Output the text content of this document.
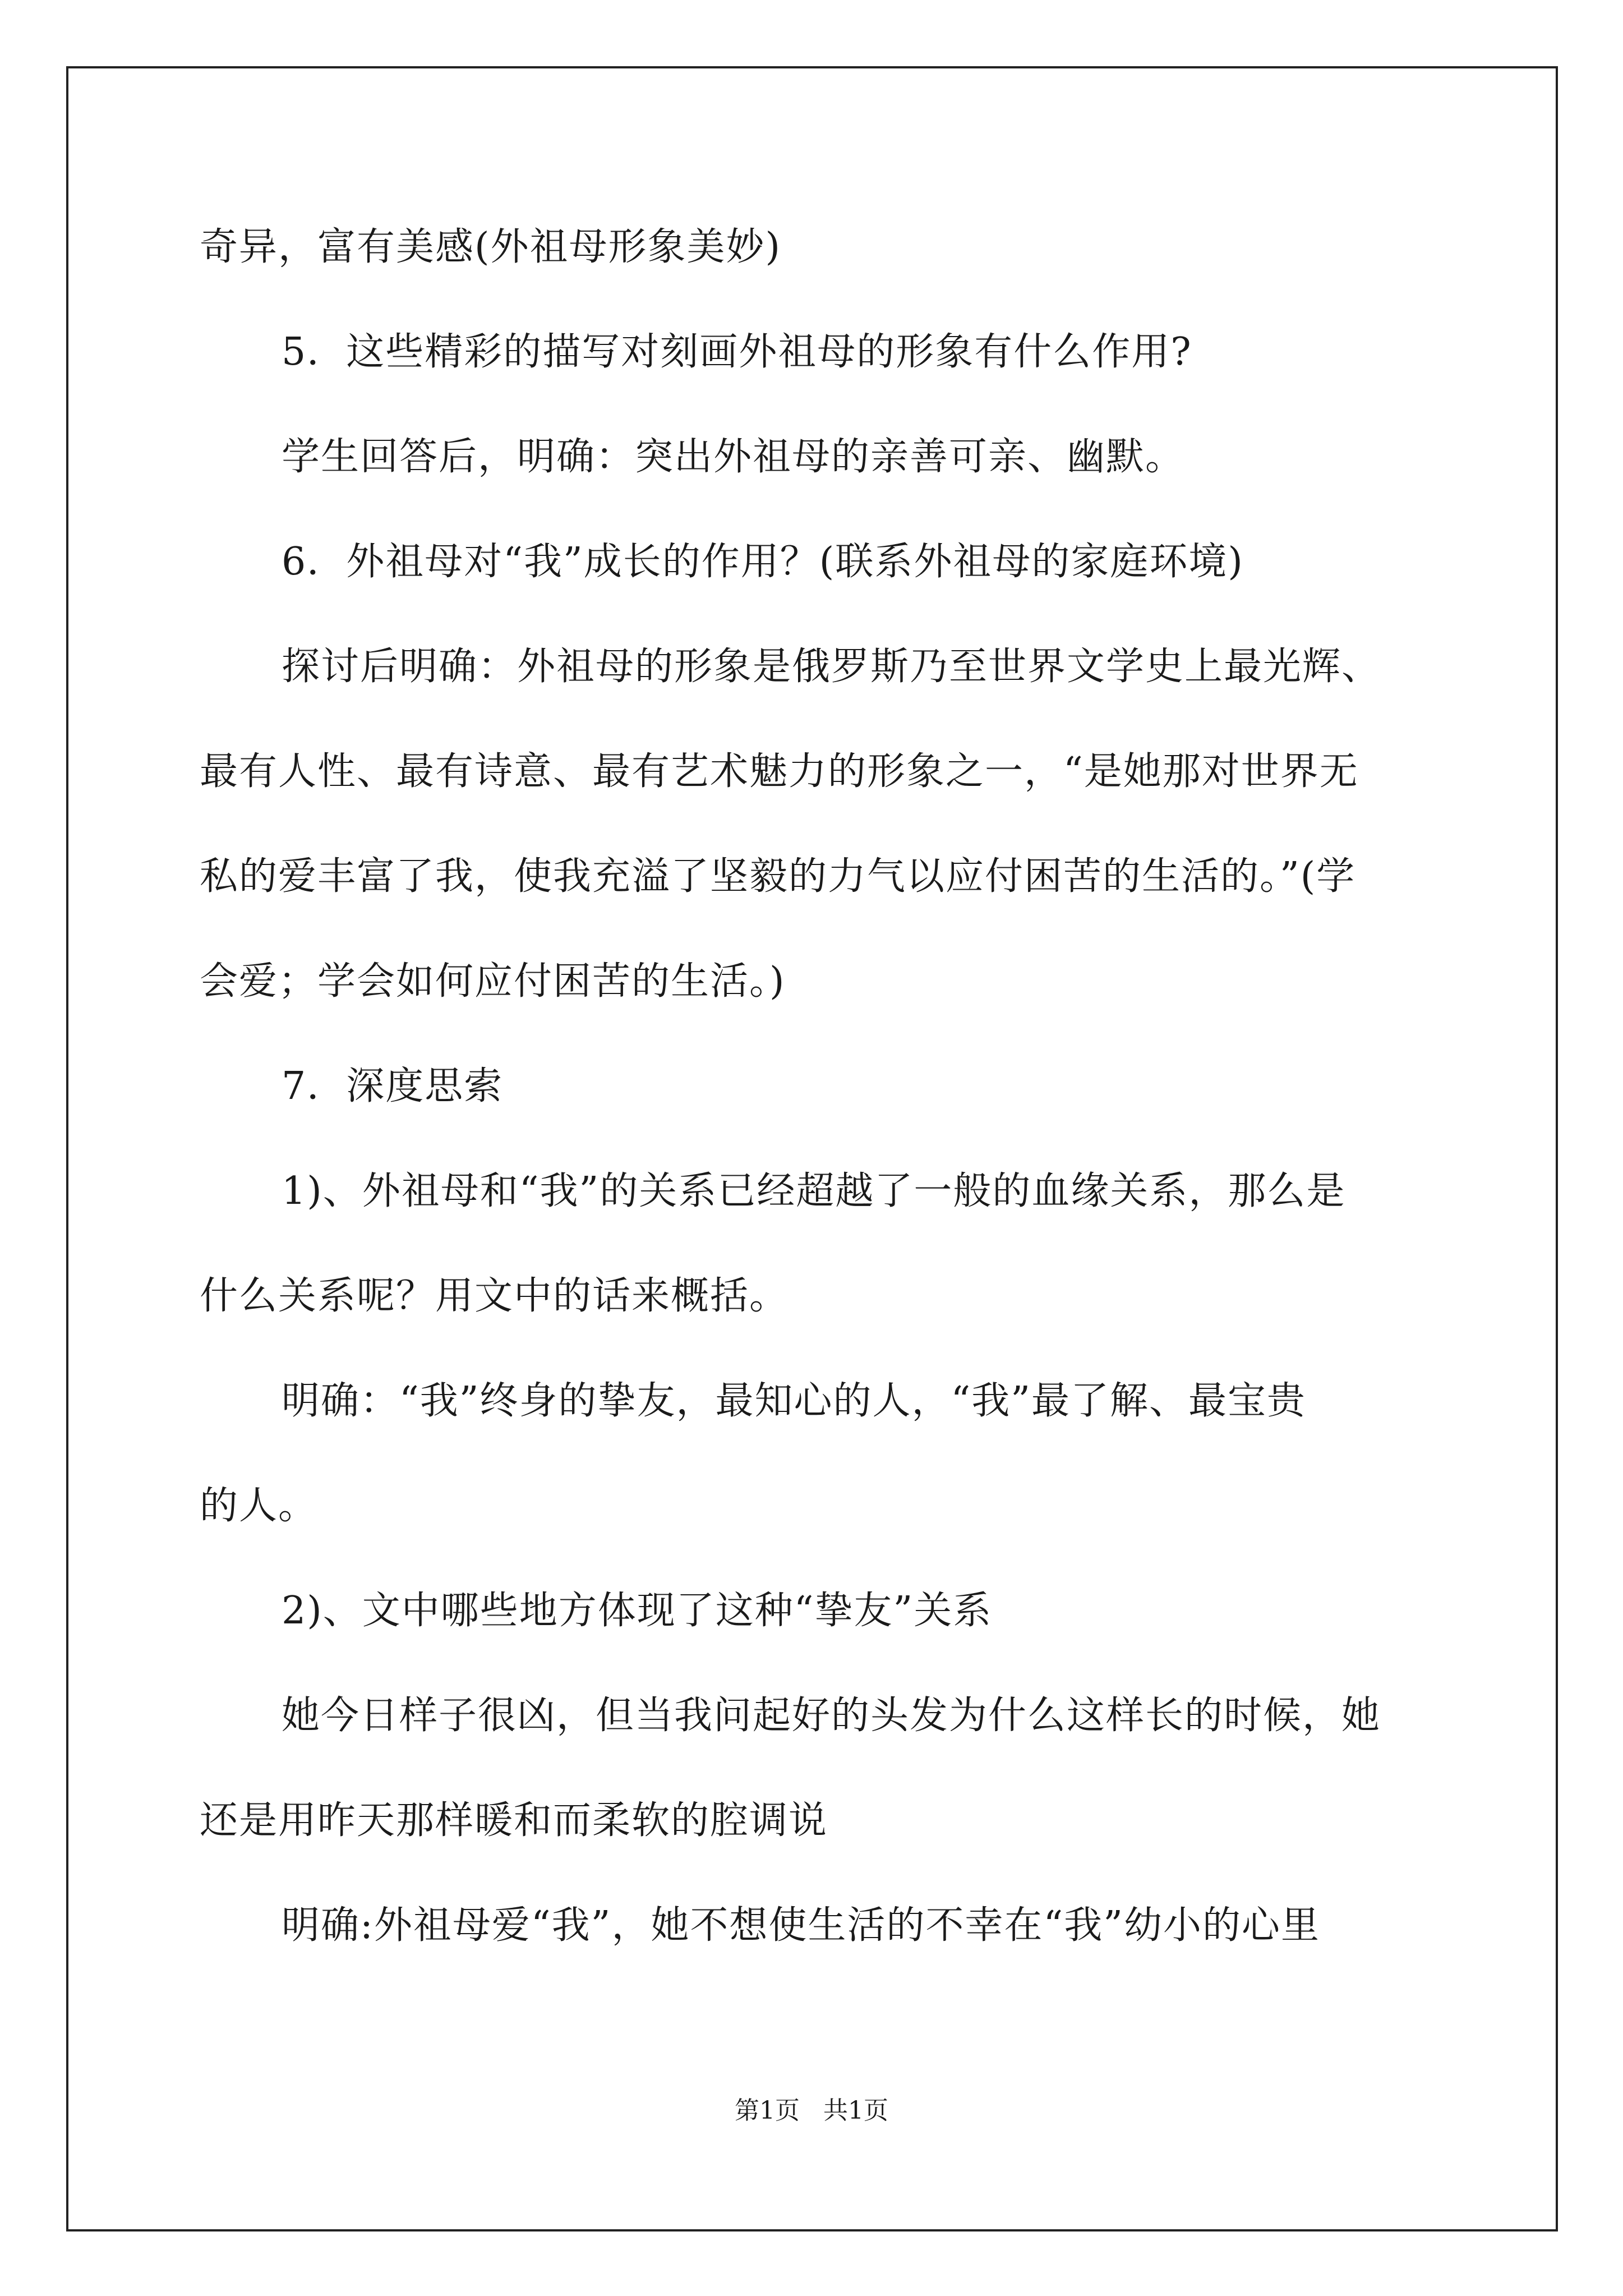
奇异，富有美感(外祖母形象美妙)
5．这些精彩的描写对刻画外祖母的形象有什么作用?
学生回答后，明确：突出外祖母的亲善可亲、幽默。
6．外祖母对“我”成长的作用？(联系外祖母的家庭环境)
探讨后明确：外祖母的形象是俄罗斯乃至世界文学史上最光辉、
最有人性、最有诗意、最有艺术魅力的形象之一，“是她那对世界无
私的爱丰富了我，使我充溢了坚毅的力气以应付困苦的生活的。”(学
会爱；学会如何应付困苦的生活。)
7．深度思索
1)、外祖母和“我”的关系已经超越了一般的血缘关系，那么是
什么关系呢？用文中的话来概括。
明确：“我”终身的挚友，最知心的人，“我”最了解、最宝贵
的人。
2)、文中哪些地方体现了这种“挚友”关系
她今日样子很凶，但当我问起好的头发为什么这样长的时候，她
还是用昨天那样暖和而柔软的腔调说
明确:外祖母爱“我”，她不想使生活的不幸在“我”幼小的心里
第1页   共1页
